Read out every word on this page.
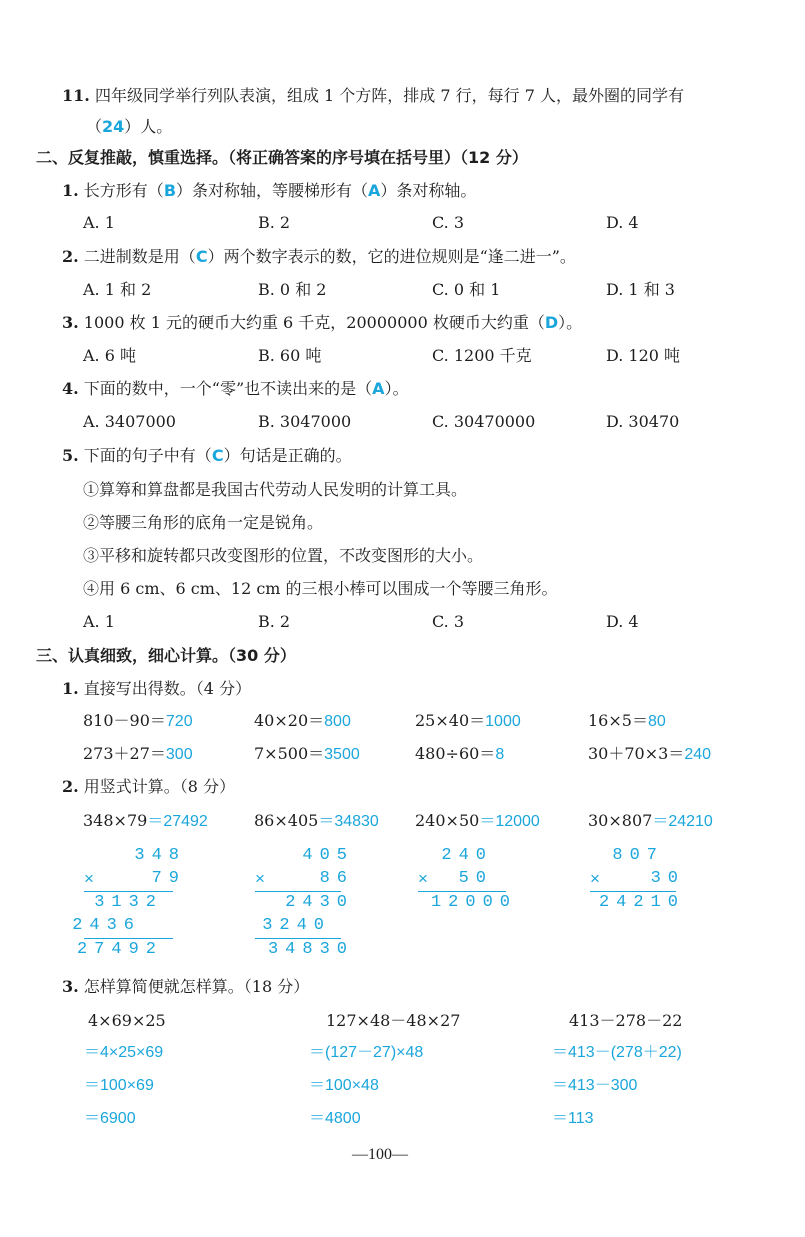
11. 四年级同学举行列队表演，组成 1 个方阵，排成 7 行，每行 7 人，最外圈的同学有
（24）人。
二、反复推敲，慎重选择。（将正确答案的序号填在括号里）（12 分）
1. 长方形有（B）条对称轴，等腰梯形有（A）条对称轴。
A. 1	B. 2	C. 3	D. 4
2. 二进制数是用（C）两个数字表示的数，它的进位规则是“逢二进一”。
A. 1 和 2	B. 0 和 2	C. 0 和 1	D. 1 和 3
3. 1000 枚 1 元的硬币大约重 6 千克，20000000 枚硬币大约重（D）。
A. 6 吨	B. 60 吨	C. 1200 千克	D. 120 吨
4. 下面的数中，一个“零”也不读出来的是（A）。
A. 3407000	B. 3047000	C. 30470000	D. 30470
5. 下面的句子中有（C）句话是正确的。
①算筹和算盘都是我国古代劳动人民发明的计算工具。
②等腰三角形的底角一定是锐角。
③平移和旋转都只改变图形的位置，不改变图形的大小。
④用 6 cm、6 cm、12 cm 的三根小棒可以围成一个等腰三角形。
A. 1	B. 2	C. 3	D. 4
三、认真细致，细心计算。（30 分）
1. 直接写出得数。（4 分）
810－90＝720	40×20＝800	25×40＝1000	16×5＝80
273＋27＝300	7×500＝3500	480÷60＝8	30＋70×3＝240
2. 用竖式计算。（8 分）
348×79＝27492	86×405＝34830 240×50＝12000	30×807＝24210
348
×	79
3132
2436
27492
405
×	86
2430
3240
34830
240
× 50
12000
807
×	30
24210
3. 怎样算简便就怎样算。（18 分）
4×69×25
＝4×25×69
＝100×69
＝6900
127×48－48×27
＝(127－27)×48
＝100×48
＝4800
413－278－22
＝413－(278＋22)
＝413－300
＝113
—100—
